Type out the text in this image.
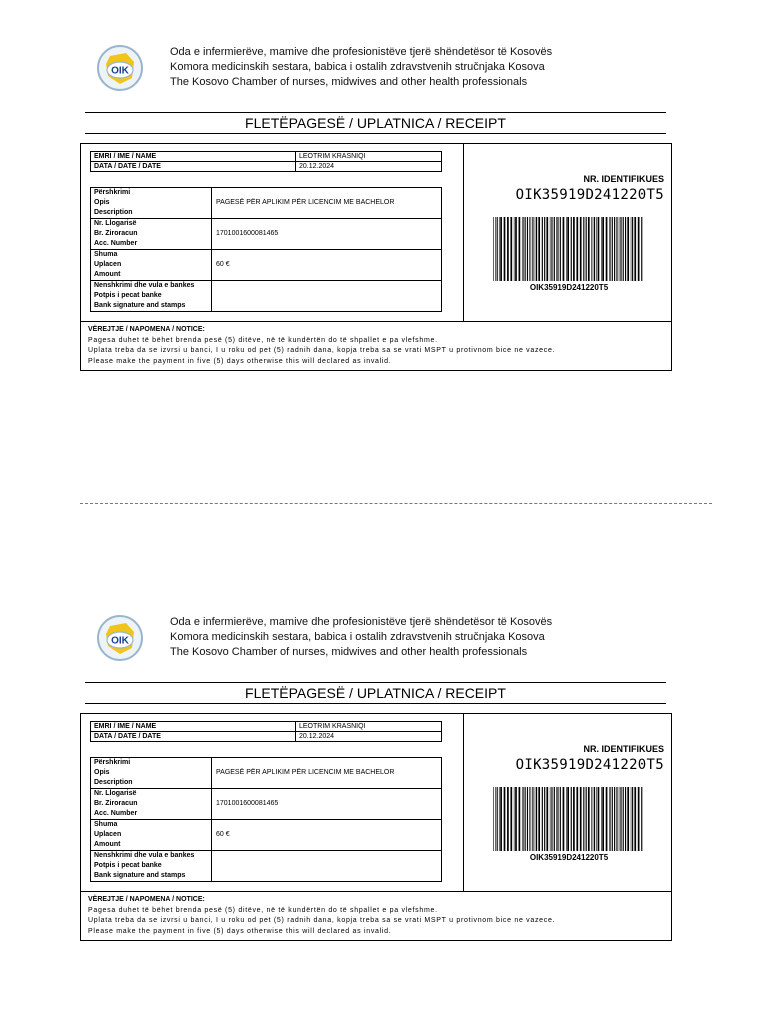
OIK
Oda e infermierëve, mamive dhe profesionistëve tjerë shëndetësor të Kosovës
Komora medicinskih sestara, babica i ostalih zdravstvenih stručnjaka Kosova
The Kosovo Chamber of nurses, midwives and other health professionals
FLETËPAGESË / UPLATNICA / RECEIPT
EMRI / IME / NAME	LEOTRIM KRASNIQI
DATA / DATE / DATE	20.12.2024
Përshkrimi
Opis
Description	PAGESË PËR APLIKIM PËR LICENCIM ME BACHELOR

Nr. Llogarisë
Br. Ziroracun
Acc. Number	1701001600081465

Shuma
Uplacen
Amount	60 €

Nenshkrimi dhe vula e bankes
Potpis i pecat banke
Bank signature and stamps	

NR. IDENTIFIKUES
OIK35919D241220T5
OIK35919D241220T5
VËREJTJE / NAPOMENA / NOTICE:
Pagesa duhet të bëhet brenda pesë (5) ditëve, në të kundërtën do të shpallet e pa vlefshme.
Uplata treba da se izvrsi u banci, I u roku od pet (5) radnih dana, kopja treba sa se vrati MSPT u protivnom bice ne vazece.
Please make the payment in five (5) days otherwise this will declared as invalid.
OIK
Oda e infermierëve, mamive dhe profesionistëve tjerë shëndetësor të Kosovës
Komora medicinskih sestara, babica i ostalih zdravstvenih stručnjaka Kosova
The Kosovo Chamber of nurses, midwives and other health professionals
FLETËPAGESË / UPLATNICA / RECEIPT
EMRI / IME / NAME	LEOTRIM KRASNIQI
DATA / DATE / DATE	20.12.2024
Përshkrimi
Opis
Description	PAGESË PËR APLIKIM PËR LICENCIM ME BACHELOR

Nr. Llogarisë
Br. Ziroracun
Acc. Number	1701001600081465

Shuma
Uplacen
Amount	60 €

Nenshkrimi dhe vula e bankes
Potpis i pecat banke
Bank signature and stamps	

NR. IDENTIFIKUES
OIK35919D241220T5
OIK35919D241220T5
VËREJTJE / NAPOMENA / NOTICE:
Pagesa duhet të bëhet brenda pesë (5) ditëve, në të kundërtën do të shpallet e pa vlefshme.
Uplata treba da se izvrsi u banci, I u roku od pet (5) radnih dana, kopja treba sa se vrati MSPT u protivnom bice ne vazece.
Please make the payment in five (5) days otherwise this will declared as invalid.
